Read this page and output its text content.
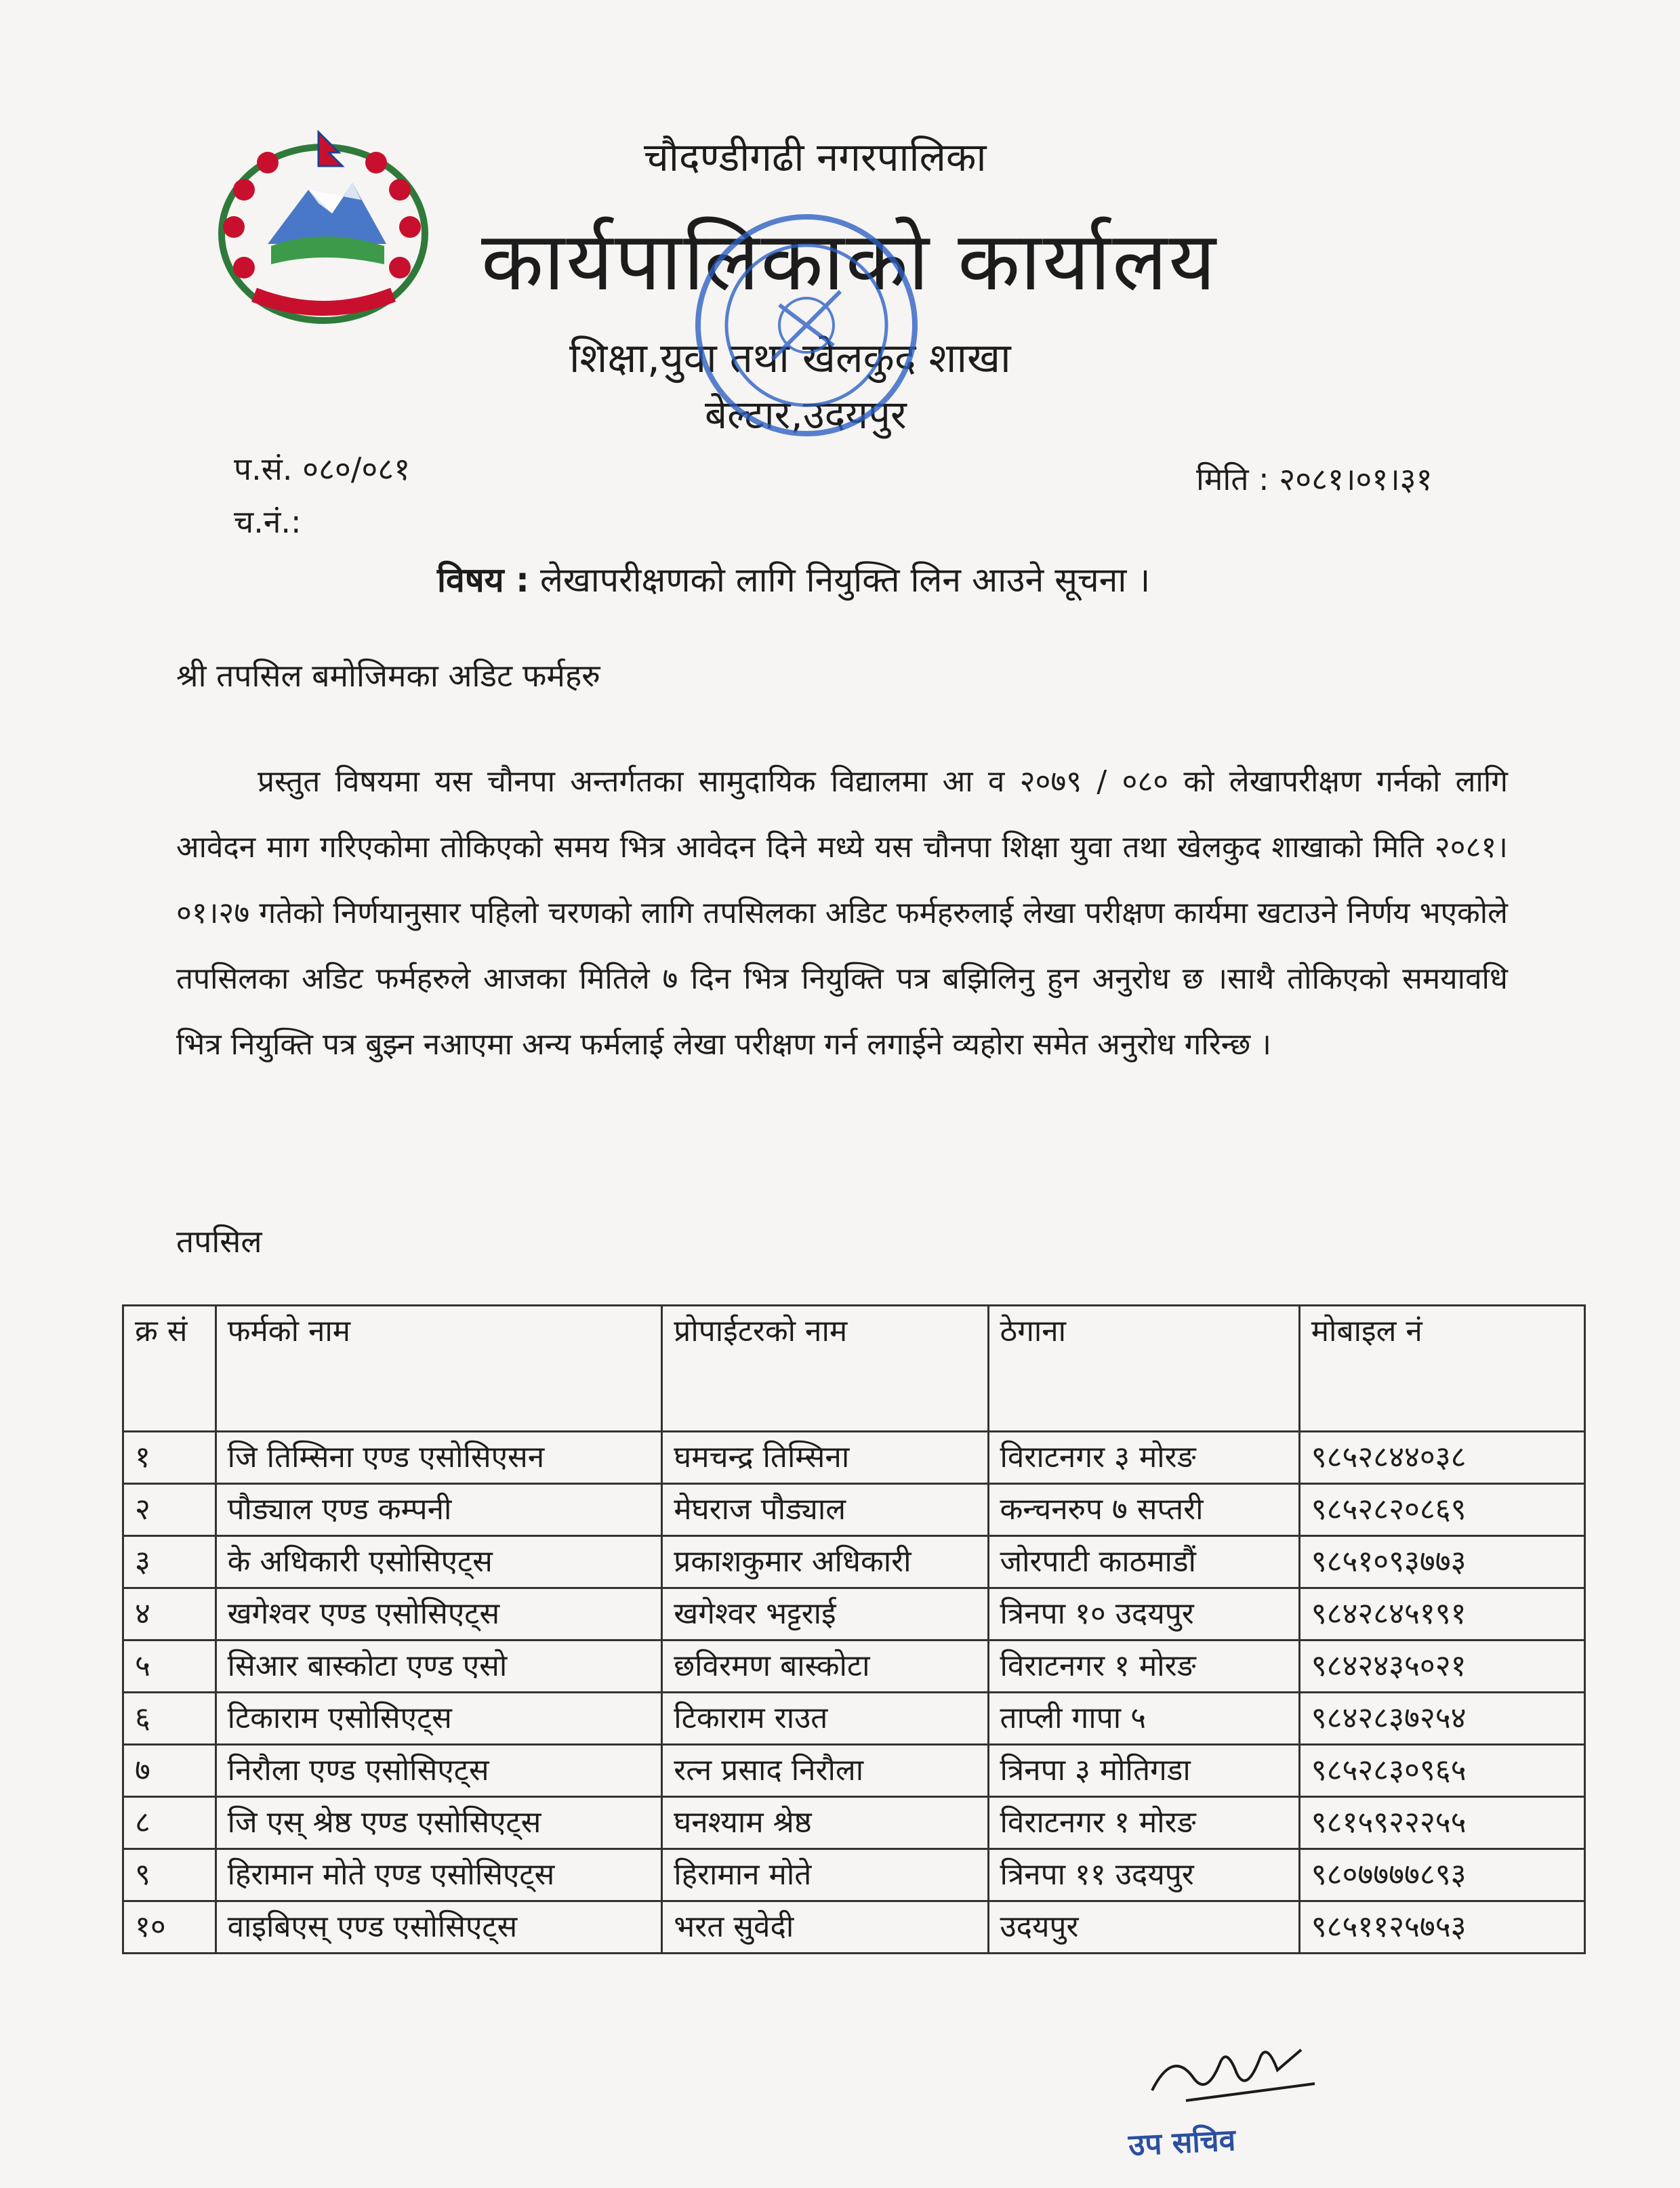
चौदण्डीगढी नगरपालिका
कार्यपालिकाको कार्यालय
शिक्षा,युवा तथा खेलकुद शाखा
बेल्टार,उदयपुर
प.सं. ०८०/०८१
च.नं.:
मिति : २०८१।०१।३१
विषय : लेखापरीक्षणको लागि नियुक्ति लिन आउने सूचना ।
श्री तपसिल बमोजिमका अडिट फर्महरु
प्रस्तुत विषयमा यस चौनपा अन्तर्गतका सामुदायिक विद्यालमा आ व २०७९ / ०८० को लेखापरीक्षण गर्नको लागि आवेदन माग गरिएकोमा तोकिएको समय भित्र आवेदन दिने मध्ये यस चौनपा शिक्षा युवा तथा खेलकुद शाखाको मिति २०८१।०१।२७ गतेको निर्णयानुसार पहिलो चरणको लागि तपसिलका अडिट फर्महरुलाई लेखा परीक्षण कार्यमा खटाउने निर्णय भएकोले तपसिलका अडिट फर्महरुले आजका मितिले ७ दिन भित्र नियुक्ति पत्र बझिलिनु हुन अनुरोध छ ।साथै तोकिएको समयावधि भित्र नियुक्ति पत्र बुझ्न नआएमा अन्य फर्मलाई लेखा परीक्षण गर्न लगाईने व्यहोरा समेत अनुरोध गरिन्छ ।
तपसिल
क्र सं	फर्मको नाम	प्रोपाईटरको नाम	ठेगाना	मोबाइल नं
१	जि तिम्सिना एण्ड एसोसिएसन	घमचन्द्र तिम्सिना	विराटनगर ३ मोरङ	९८५२८४४०३८
२	पौड्याल एण्ड कम्पनी	मेघराज पौड्याल	कन्चनरुप ७ सप्तरी	९८५२८२०८६९
३	के अधिकारी एसोसिएट्स	प्रकाशकुमार अधिकारी	जोरपाटी काठमाडौं	९८५१०९३७७३
४	खगेश्वर एण्ड एसोसिएट्स	खगेश्वर भट्टराई	त्रिनपा १० उदयपुर	९८४२८४५१९१
५	सिआर बास्कोटा एण्ड एसो	छविरमण बास्कोटा	विराटनगर १ मोरङ	९८४२४३५०२१
६	टिकाराम एसोसिएट्स	टिकाराम राउत	ताप्ली गापा ५	९८४२८३७२५४
७	निरौला एण्ड एसोसिएट्स	रत्न प्रसाद निरौला	त्रिनपा ३ मोतिगडा	९८५२८३०९६५
८	जि एस् श्रेष्ठ एण्ड एसोसिएट्स	घनश्याम श्रेष्ठ	विराटनगर १ मोरङ	९८१५९२२२५५
९	हिरामान मोते एण्ड एसोसिएट्स	हिरामान मोते	त्रिनपा ११ उदयपुर	९८०७७७७८९३
१०	वाइबिएस् एण्ड एसोसिएट्स	भरत सुवेदी	उदयपुर	९८५११२५७५३
उप सचिव
